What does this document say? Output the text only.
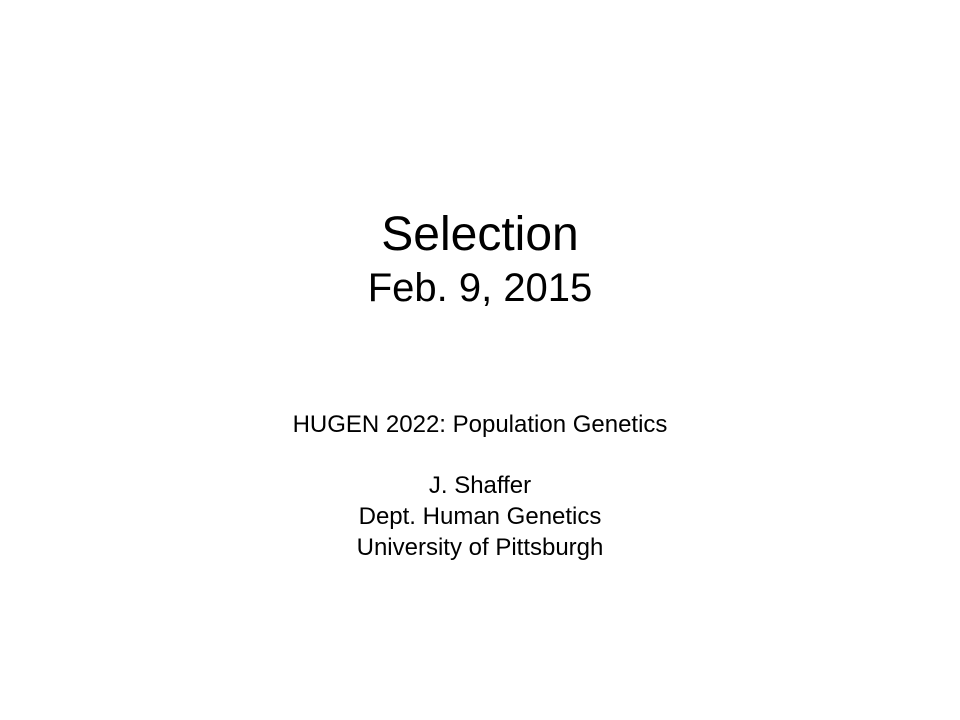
Selection
Feb. 9, 2015
HUGEN 2022: Population Genetics
J. Shaffer
Dept. Human Genetics
University of Pittsburgh
